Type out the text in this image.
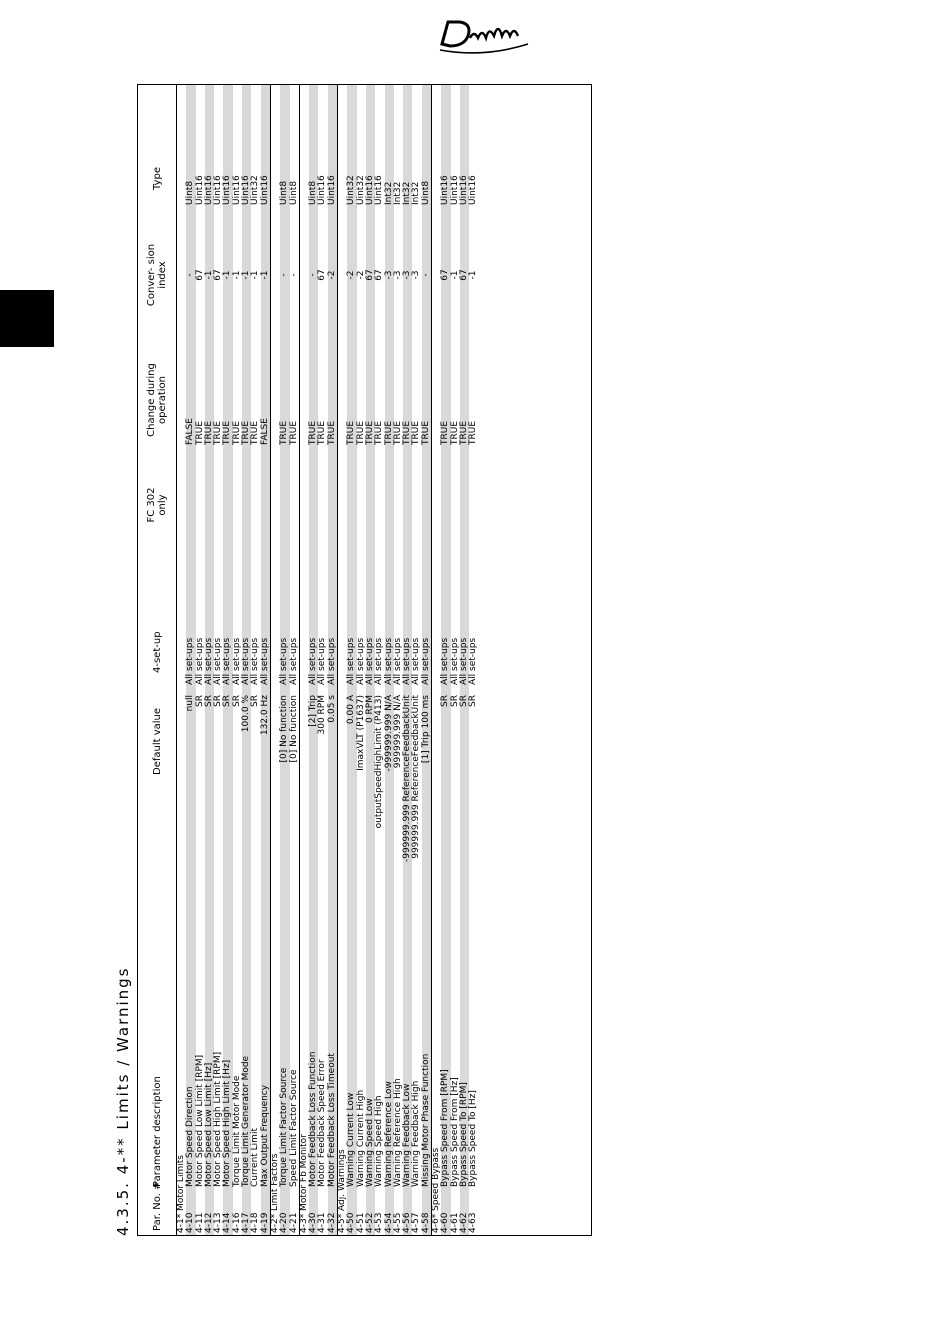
4.3.5. 4-** Limits / Warnings	Par. No. #
Parameter description
Default value
4-set-up
FC 302 only
Change during operation
Conver- sion index
Type
4-1* Motor Limits 4-10
Motor Speed Direction
null
All set-ups
FALSE
-
Uint8
4-11
Motor Speed Low Limit [RPM]
SR
All set-ups
TRUE
67
Uint16
4-12
Motor Speed Low Limit [Hz]
SR
All set-ups
TRUE
-1
Uint16
4-13
Motor Speed High Limit [RPM]
SR
All set-ups
TRUE
67
Uint16
4-14
Motor Speed High Limit [Hz]
SR
All set-ups
TRUE
-1
Uint16
4-16
Torque Limit Motor Mode
SR
All set-ups
TRUE
-1
Uint16
4-17
Torque Limit Generator Mode
100.0 %
All set-ups
TRUE
-1
Uint16
4-18
Current Limit
SR
All set-ups
TRUE
-1
Uint32
4-19
Max Output Frequency
132.0 Hz
All set-ups
FALSE
-1
Uint16
4-2* Limit Factors 4-20
Torque Limit Factor Source
[0] No function
All set-ups
TRUE
-
Uint8
4-21
Speed Limit Factor Source
[0] No function
All set-ups
TRUE
-
Uint8
4-3* Motor Fb Monitor 4-30
Motor Feedback Loss Function
[2] Trip
All set-ups
TRUE
-
Uint8
4-31
Motor Feedback Speed Error
300 RPM
All set-ups
TRUE
67
Uint16
4-32
Motor Feedback Loss Timeout
0.05 s
All set-ups
TRUE
-2
Uint16
4-5* Adj. Warnings 4-50
Warning Current Low
0.00 A
All set-ups
TRUE
-2
Uint32
4-51
Warning Current High
ImaxVLT (P1637)
All set-ups
TRUE
-2
Uint32
4-52
Warning Speed Low
0 RPM
All set-ups
TRUE
67
Uint16
4-53
Warning Speed High
outputSpeedHighLimit (P413)
All set-ups
TRUE
67
Uint16
4-54
Warning Reference Low
-999999.999 N/A
All set-ups
TRUE
-3
Int32
4-55
Warning Reference High
999999.999 N/A
All set-ups
TRUE
-3
Int32
4-56
Warning Feedback Low
-999999.999 ReferenceFeedbackUnit
All set-ups
TRUE
-3
Int32
4-57
Warning Feedback High
999999.999 ReferenceFeedbackUnit
All set-ups
TRUE
-3
Int32
4-58
Missing Motor Phase Function
[1] Trip 100 ms
All set-ups
TRUE
-
Uint8
4-6* Speed Bypass 4-60
Bypass Speed From [RPM]
SR
All set-ups
TRUE
67
Uint16
4-61
Bypass Speed From [Hz]
SR
All set-ups
TRUE
-1
Uint16
4-62
Bypass Speed To [RPM]
SR
All set-ups
TRUE
67
Uint16
4-63
Bypass Speed To [Hz]
SR
All set-ups
TRUE
-1
Uint16
